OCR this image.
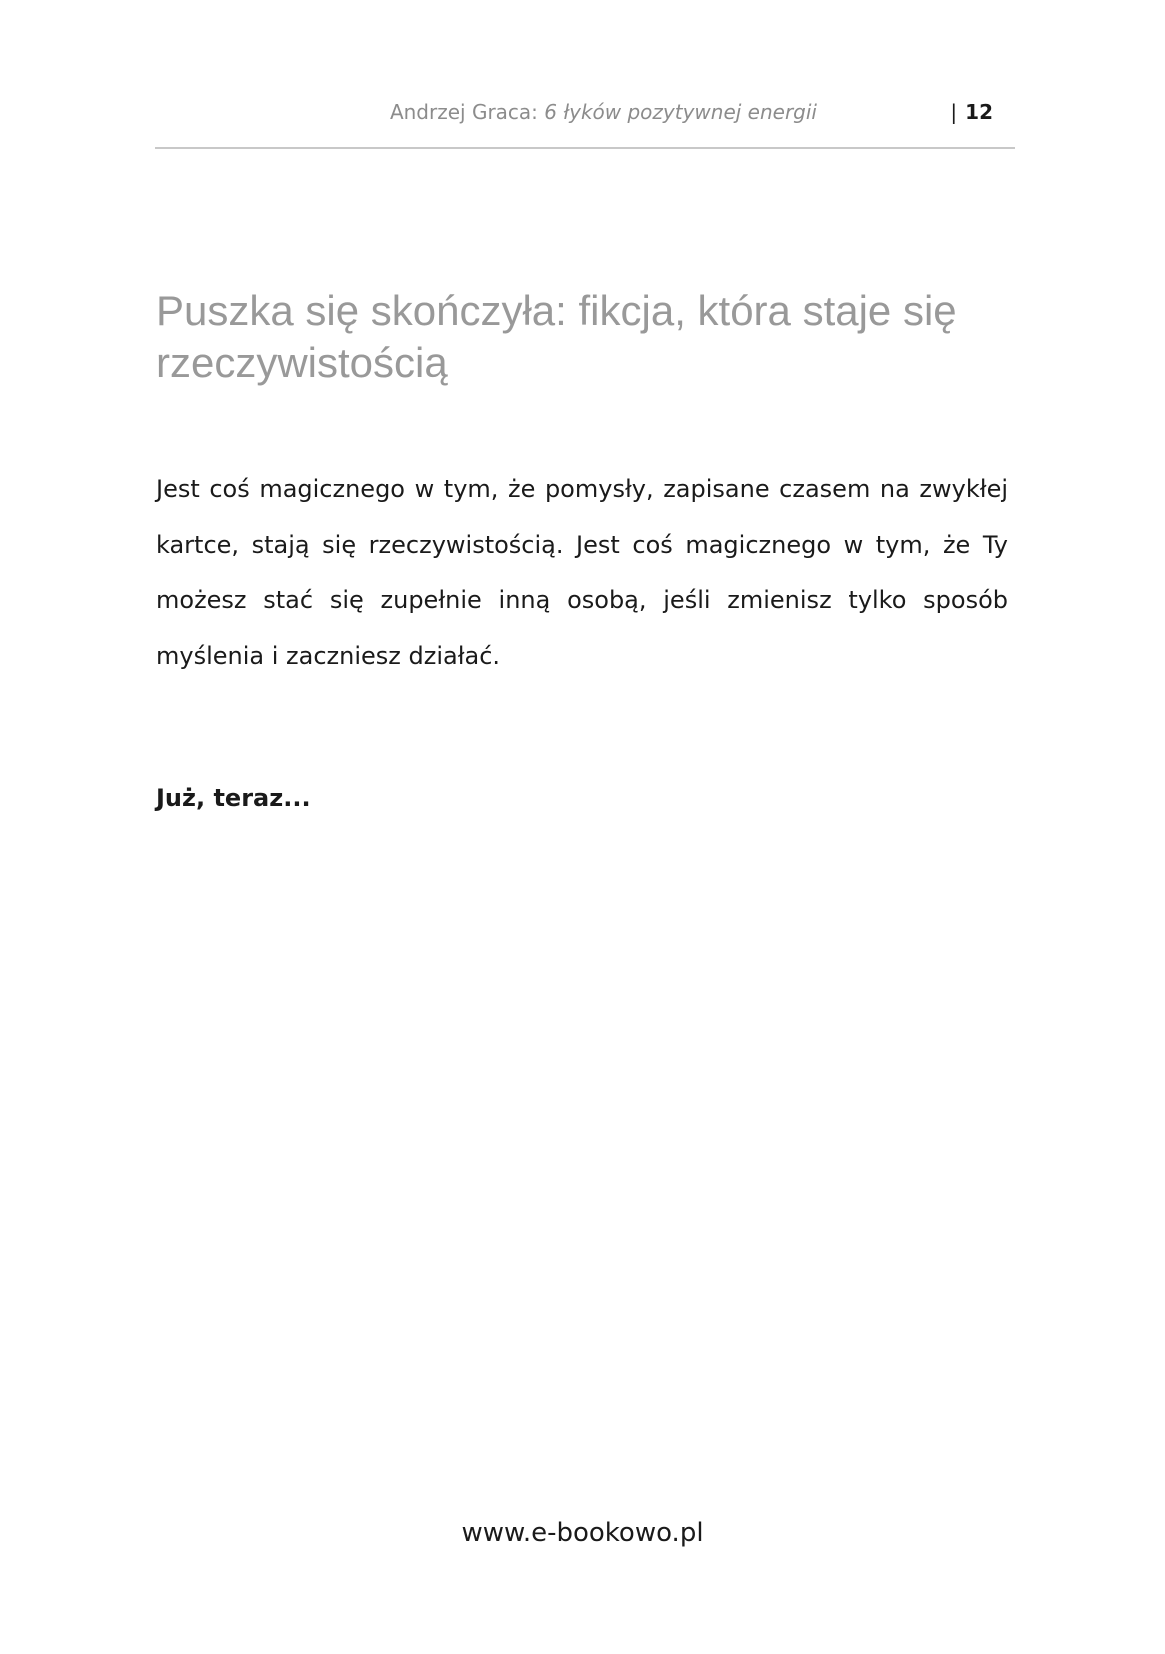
Andrzej Graca: 6 łyków pozytywnej energii	| 12
Puszka się skończyła: fikcja, która staje się rzeczywistością

Jest coś magicznego w tym, że pomysły, zapisane czasem na zwykłej kartce, stają się rzeczywistością. Jest coś magicznego w tym, że Ty możesz stać się zupełnie inną osobą, jeśli zmienisz tylko sposób myślenia i zaczniesz działać.

Już, teraz...

www.e-bookowo.pl
